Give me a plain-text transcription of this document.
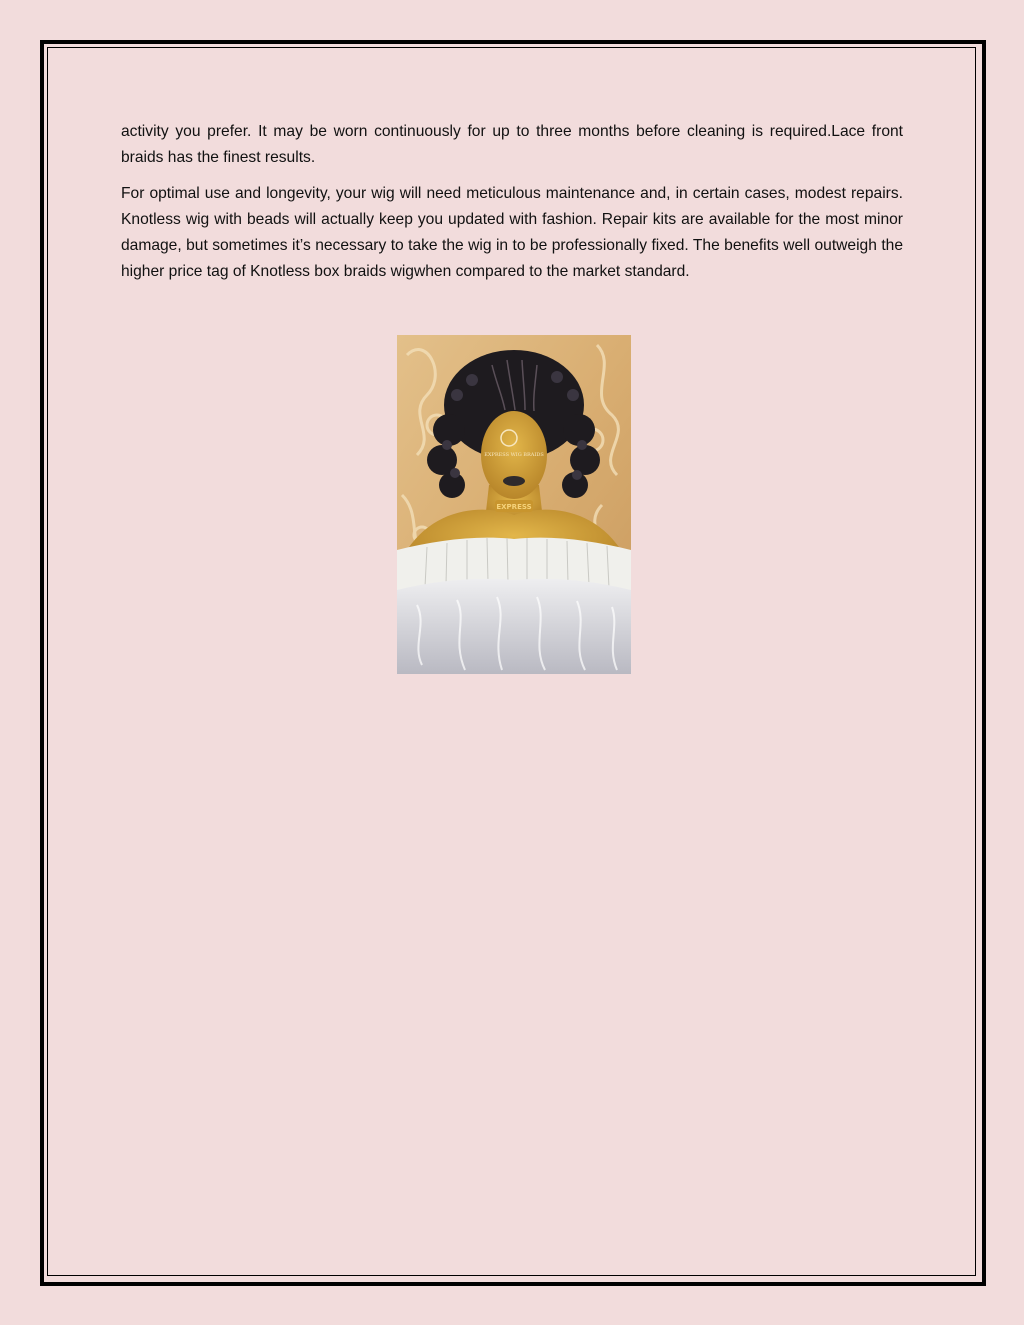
activity you prefer. It may be worn continuously for up to three months before cleaning is required.Lace front braids has the finest results.

For optimal use and longevity, your wig will need meticulous maintenance and, in certain cases, modest repairs. Knotless wig with beads will actually keep you updated with fashion. Repair kits are available for the most minor damage, but sometimes it’s necessary to take the wig in to be professionally fixed. The benefits well outweigh the higher price tag of Knotless box braids wigwhen compared to the market standard.

EXPRESS WIG BRAIDS
EXPRESS
